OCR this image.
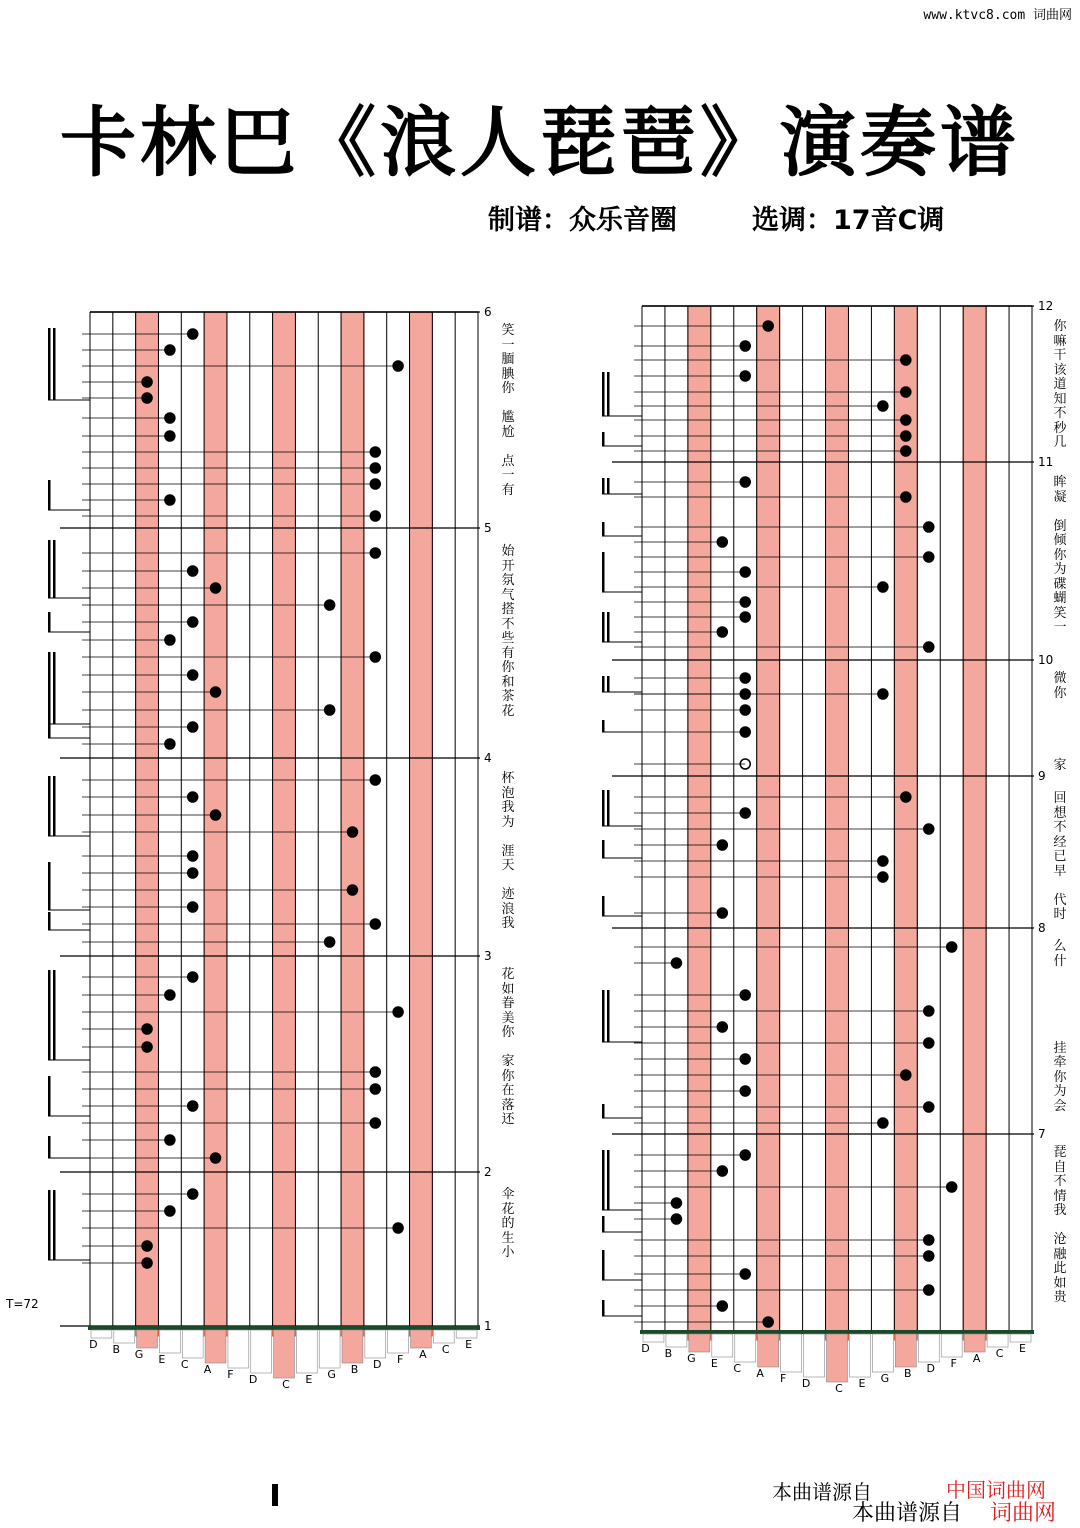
www.ktvc8.com 词曲网
卡林巴《浪人琵琶》演奏谱
制谱：众乐音圈	选调：17音C调
T=72
6
5
4
3
2
1
D B G E C A F D C E G B D F A C E
12
11
10
9
8
7
D B G E C A F D C E G B D F A C E
笑
一
腼
腆
你

尴
尬

点
一
有
始
开
氛
气
搭
不
些
有
你
和
茶
花
杯
泡
我
为

涯
天

迹
浪
我
花
如
眷
美
你

家
你
在
落
还
伞
花
的
生
小
你
嘛
干
该
道
知
不
秒
几
眸
凝

倒
倾
你
为
碟
蝴
笑
一
微
你

家
回
想
不
经
已
早

代
时
么
什

挂
牵
你
为
会
琵
自
不
情
我

沧
融
此
如
贵
本曲谱源自	中国词曲网
本曲谱源自 词曲网
